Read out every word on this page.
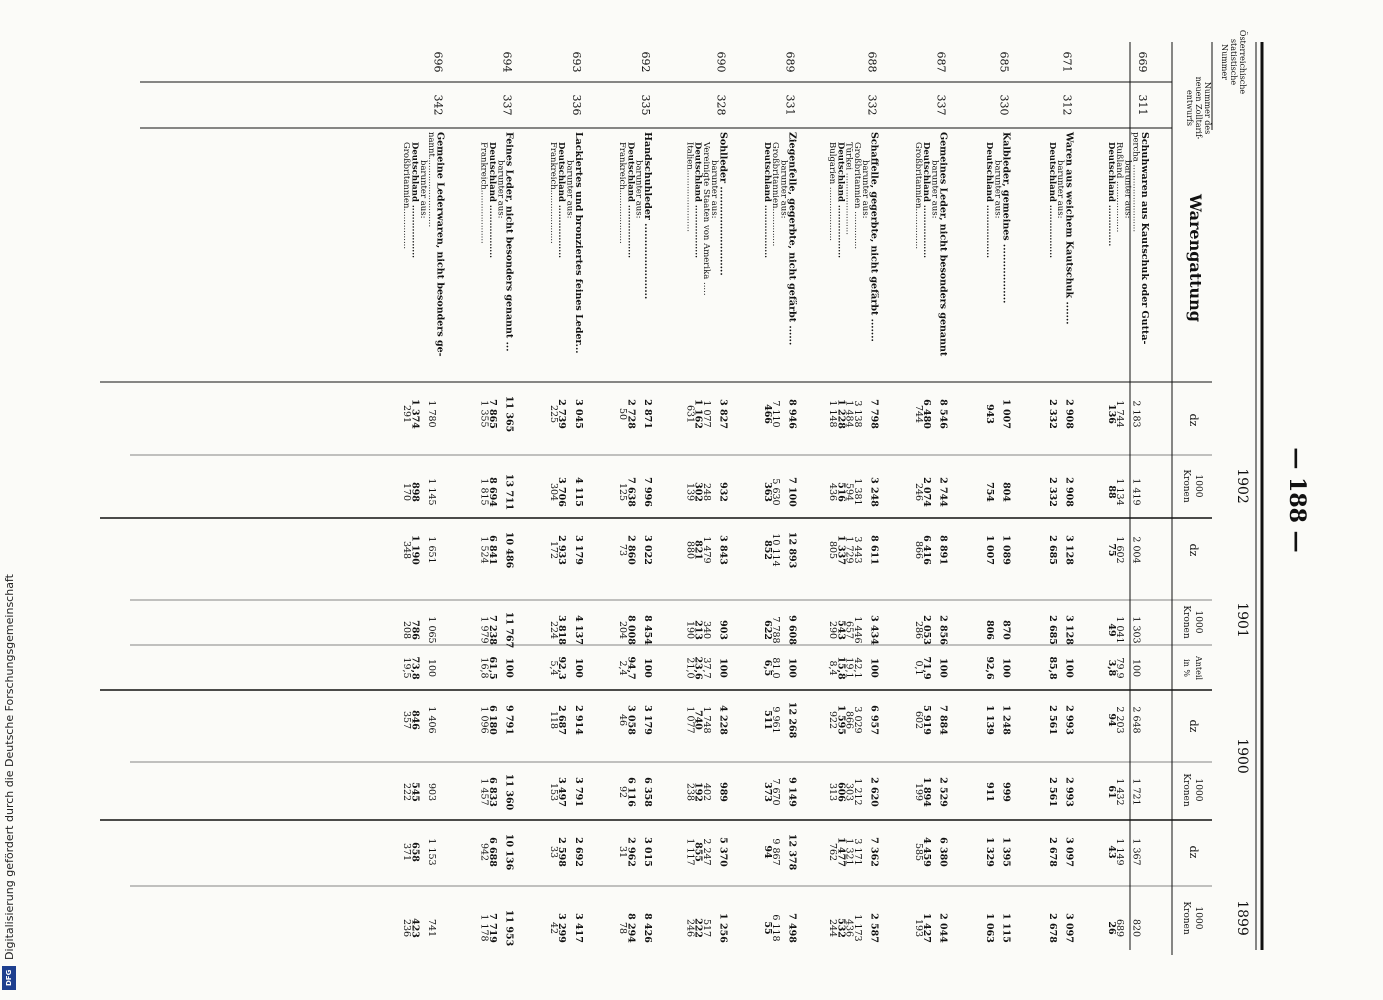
— 188 —
Österreichische
statistische
Nummer
Nummer des
neuen Zolltarif-
entwurfs
Warengattung
1902
1901
1900
1899
dz
dz
dz
dz
1000
Kronen
1000
Kronen
1000
Kronen
1000
Kronen
Anteil
in %
669
311
Schuhwaren aus Kautschuk oder Gutta-
percha .........................
2 183
1 419
2 004
1 303
2 648
1 721
1 367
820
100
barunter aus:
Rußland ...................
1 744
1 134
1 602
1 041
2 203
1 432
1 149
689
79,9
Deutschland ..............
136
88
75
49
94
61
43
26
3,8
671
312
Waren aus weichem Kautschuk .......
2 908
2 908
3 128
3 128
2 993
2 993
3 097
3 097
100
barunter aus:
Deutschland ..................
2 332
2 332
2 685
2 685
2 561
2 561
2 678
2 678
85,8
685
330
Kalbleder, gemeines ..................
1 007
804
1 089
870
1 248
999
1 395
1 115
100
barunter aus:
Deutschland ..................
943
754
1 007
806
1 139
911
1 329
1 063
92,6
687
337
Gemeines Leder, nicht besonders genannt
8 546
2 744
8 891
2 856
7 884
2 529
6 380
2 044
100
barunter aus:
Deutschland ..................
6 480
2 074
6 416
2 053
5 919
1 894
4 459
1 427
71,9
Großbritannien...............
744
246
866
286
602
199
585
193
0,1
688
332
Schaffelle, gegerbte, nicht gefärbt .......
7 798
3 248
8 611
3 434
6 957
2 620
7 362
2 587
100
barunter aus:
Großbritannien ..............
3 138
1 381
3 443
1 446
3 029
1 212
3 171
1 173
42,1
Türkei .......................
1 484
594
1 729
657
866
303
1 321
436
19,1
Deutschland ..................
1 228
516
1 337
543
1 595
606
1 477
532
15,8
Bulgarien ....................
1 148
436
805
290
922
313
762
244
8,4
689
331
Ziegenfelle, gegerbte, nicht gefärbt ......
8 946
7 100
12 893
9 608
12 268
9 149
12 378
7 498
100
barunter aus:
Großbritannien..............
7 110
5 630
10 114
7 788
9 961
7 670
9 867
6 118
81,0
Deutschland ..................
466
363
852
622
511
373
94
55
6,5
690
328
Sohlleder ...........................
3 827
932
3 843
903
4 228
989
5 370
1 256
100
barunter aus:
Vereinigte Staaten von Amerika .....
1 077
248
1 479
340
1 748
402
2 247
517
37,7
Deutschland ..................
1 162
302
821
213
740
192
855
222
23,6
Italien.......................
631
139
880
190
1 077
238
1 117
246
21,0
692
335
Handschuhleder .......................
2 871
7 996
3 022
8 454
3 179
6 358
3 015
8 426
100
barunter aus:
Deutschland ..................
2 728
7 638
2 860
8 008
3 058
6 116
2 962
8 294
94,7
Frankreich....................
50
125
73
204
46
92
31
78
2,4
693
336
Lackiertes und bronziertes feines Leder...
3 045
4 115
3 179
4 137
2 914
3 791
2 692
3 417
100
barunter aus:
Deutschland ..................
2 739
3 706
2 933
3 818
2 687
3 497
2 598
3 299
92,3
Frankreich....................
225
304
172
224
118
153
33
42
5,4
694
337
Feines Leder, nicht besonders genannt ...
11 365
13 711
10 486
11 767
9 791
11 360
10 136
11 953
100
barunter aus:
Deutschland ..................
7 865
8 694
6 841
7 238
6 180
6 833
6 688
7 719
61,5
Frankreich....................
1 355
1 815
1 524
1 979
1 096
1 457
942
1 178
16,8
696
342
Gemeine Lederwaren, nicht besonders ge-
nannt..........................
1 780
1 145
1 651
1 065
1 406
903
1 153
741
100
barunter aus:
Deutschland ..................
1 374
898
1 190
786
846
545
658
423
73,8
Großbritannien...............
291
170
348
208
357
222
371
236
19,5
Digitalisierung gefördert durch die Deutsche Forschungsgemeinschaft
DFG
